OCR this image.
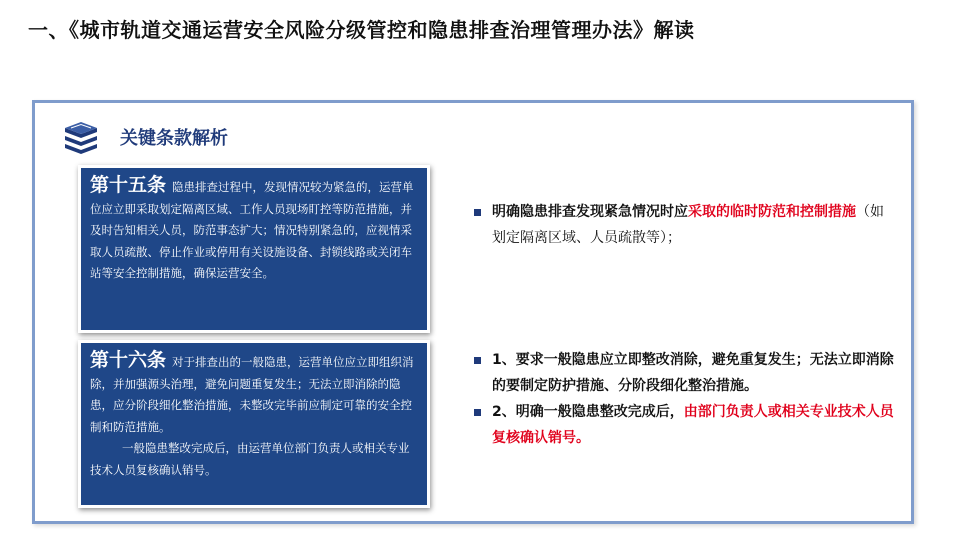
一、《城市轨道交通运营安全风险分级管控和隐患排查治理管理办法》解读
关键条款解析
第十五条 隐患排查过程中，发现情况较为紧急的，运营单位应立即采取划定隔离区域、工作人员现场盯控等防范措施，并及时告知相关人员，防范事态扩大；情况特别紧急的，应视情采取人员疏散、停止作业或停用有关设施设备、封锁线路或关闭车站等安全控制措施，确保运营安全。
第十六条 对于排查出的一般隐患，运营单位应立即组织消除，并加强源头治理，避免问题重复发生；无法立即消除的隐患，应分阶段细化整治措施，未整改完毕前应制定可靠的安全控制和防范措施。
一般隐患整改完成后，由运营单位部门负责人或相关专业技术人员复核确认销号。
明确隐患排查发现紧急情况时应采取的临时防范和控制措施（如划定隔离区域、人员疏散等）；
1、要求一般隐患应立即整改消除，避免重复发生；无法立即消除的要制定防护措施、分阶段细化整治措施。
2、明确一般隐患整改完成后，由部门负责人或相关专业技术人员复核确认销号。
